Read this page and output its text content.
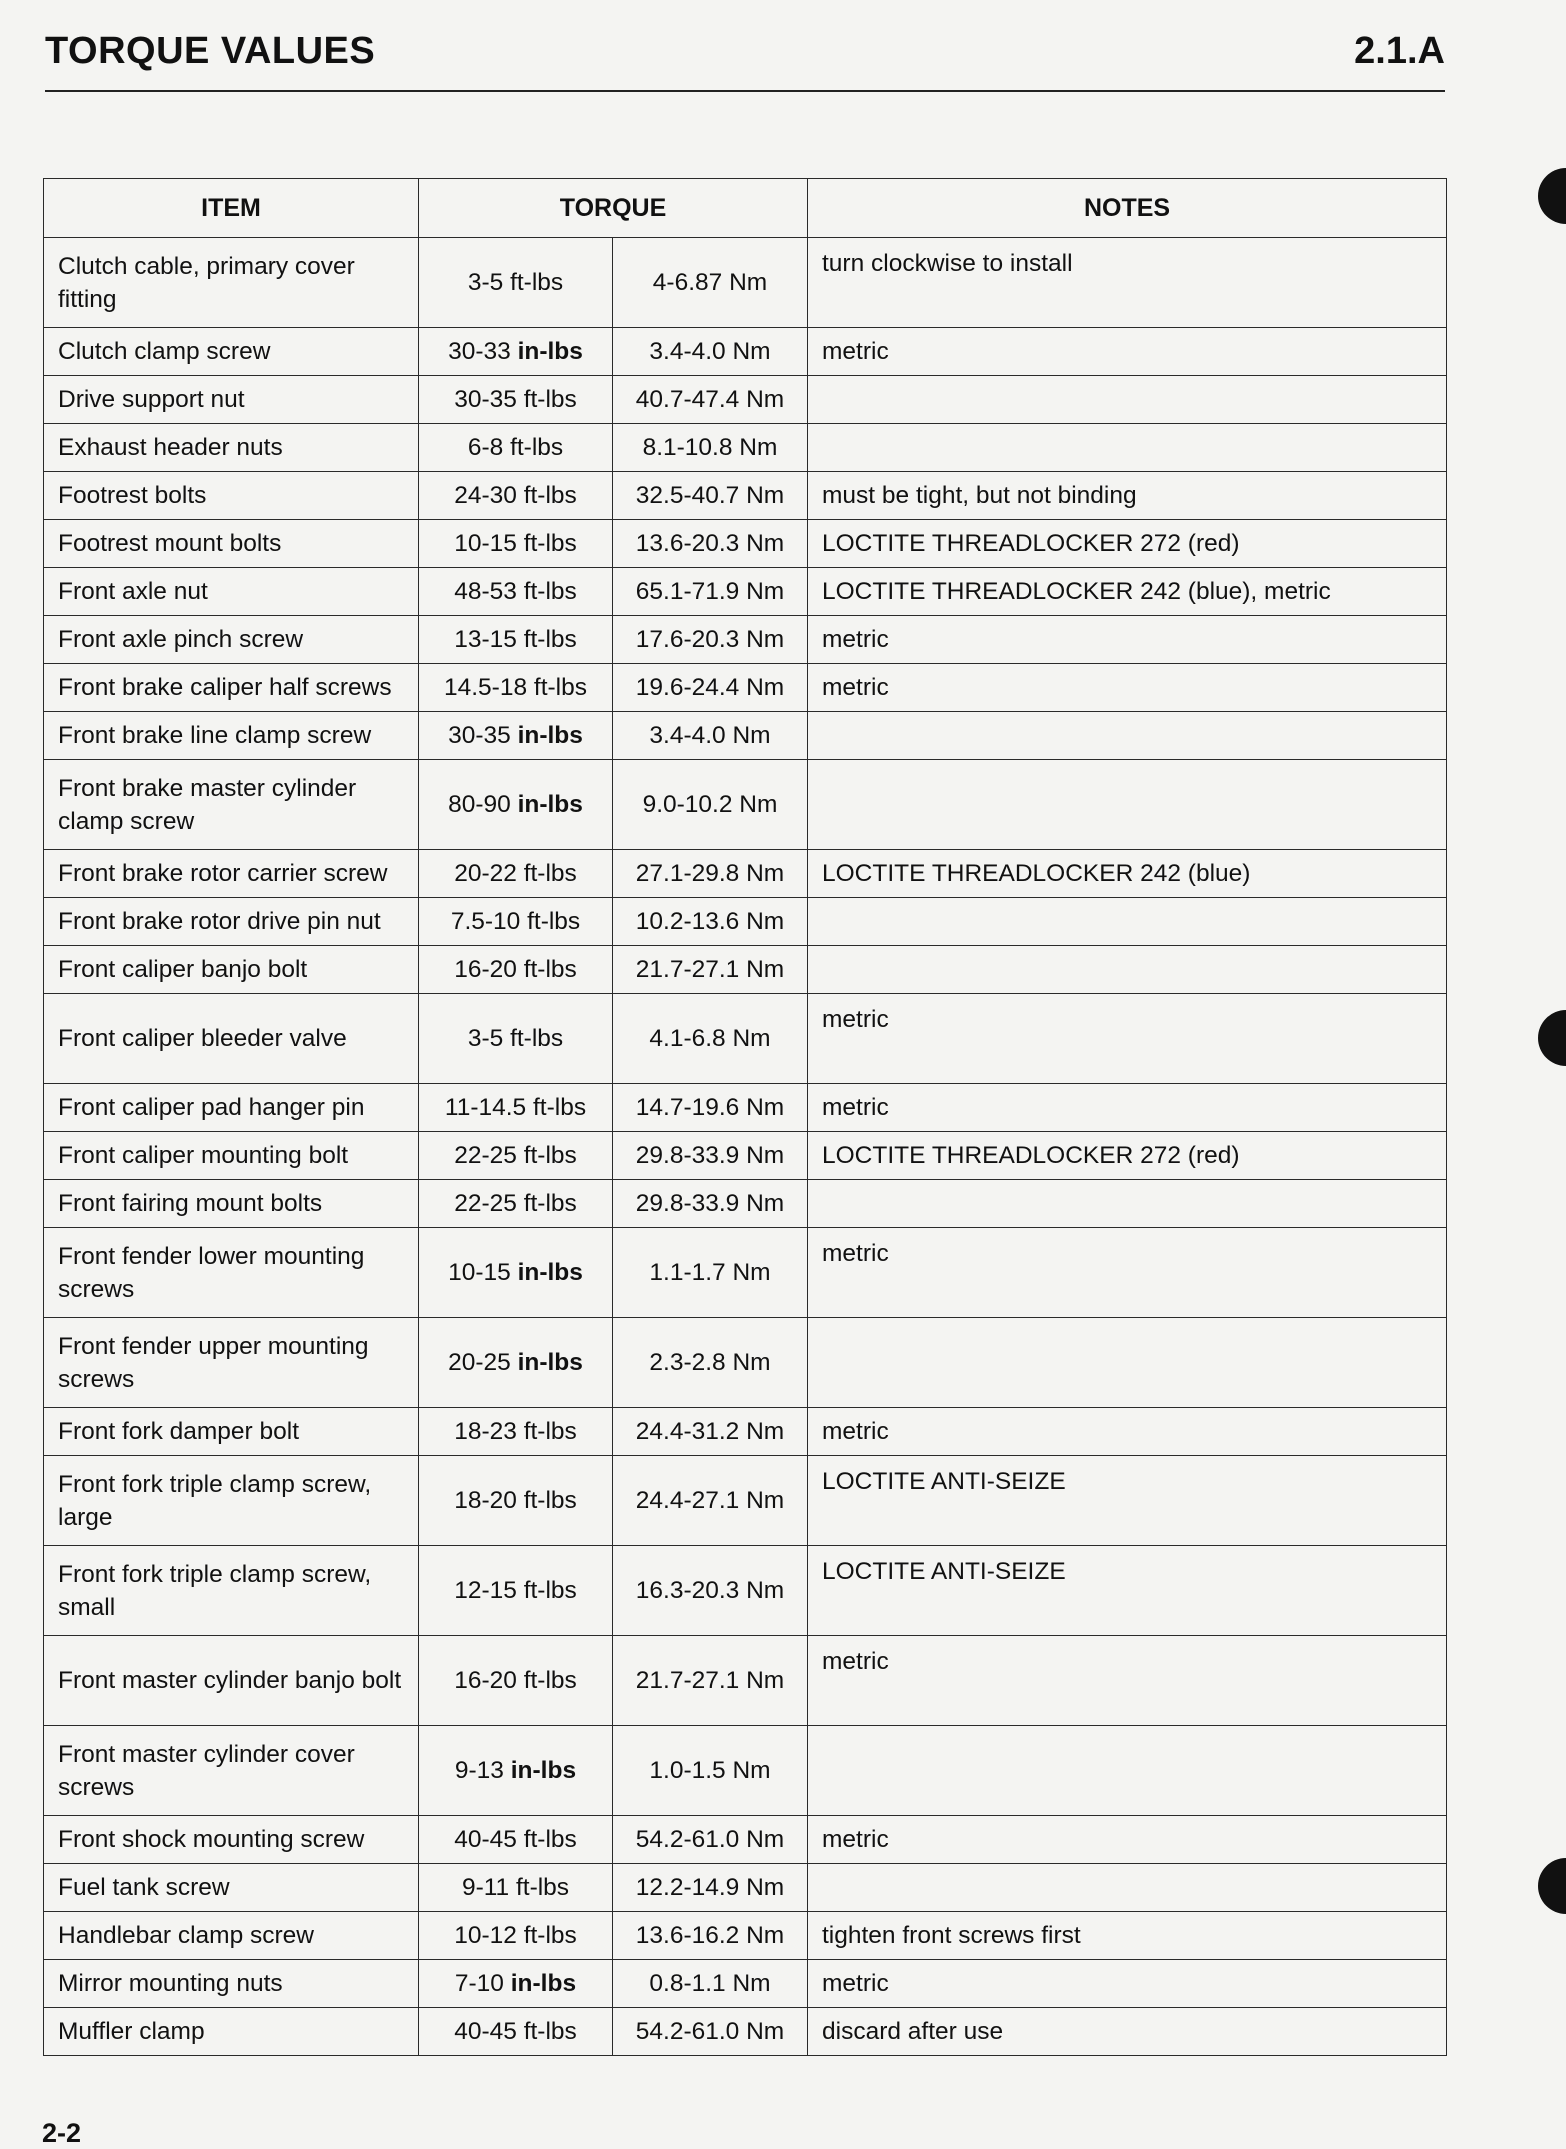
TORQUE VALUES	2.1.A
ITEM	TORQUE		NOTES
Clutch cable, primary cover fitting	3-5 ft-lbs	4-6.87 Nm	turn clockwise to install
Clutch clamp screw	30-33 in-lbs	3.4-4.0 Nm	metric
Drive support nut	30-35 ft-lbs	40.7-47.4 Nm	
Exhaust header nuts	6-8 ft-lbs	8.1-10.8 Nm	
Footrest bolts	24-30 ft-lbs	32.5-40.7 Nm	must be tight, but not binding
Footrest mount bolts	10-15 ft-lbs	13.6-20.3 Nm	LOCTITE THREADLOCKER 272 (red)
Front axle nut	48-53 ft-lbs	65.1-71.9 Nm	LOCTITE THREADLOCKER 242 (blue), metric
Front axle pinch screw	13-15 ft-lbs	17.6-20.3 Nm	metric
Front brake caliper half screws	14.5-18 ft-lbs	19.6-24.4 Nm	metric
Front brake line clamp screw	30-35 in-lbs	3.4-4.0 Nm	
Front brake master cylinder clamp screw	80-90 in-lbs	9.0-10.2 Nm	
Front brake rotor carrier screw	20-22 ft-lbs	27.1-29.8 Nm	LOCTITE THREADLOCKER 242 (blue)
Front brake rotor drive pin nut	7.5-10 ft-lbs	10.2-13.6 Nm	
Front caliper banjo bolt	16-20 ft-lbs	21.7-27.1 Nm	
Front caliper bleeder valve	3-5 ft-lbs	4.1-6.8 Nm	metric
Front caliper pad hanger pin	11-14.5 ft-lbs	14.7-19.6 Nm	metric
Front caliper mounting bolt	22-25 ft-lbs	29.8-33.9 Nm	LOCTITE THREADLOCKER 272 (red)
Front fairing mount bolts	22-25 ft-lbs	29.8-33.9 Nm	
Front fender lower mounting screws	10-15 in-lbs	1.1-1.7 Nm	metric
Front fender upper mounting screws	20-25 in-lbs	2.3-2.8 Nm	
Front fork damper bolt	18-23 ft-lbs	24.4-31.2 Nm	metric
Front fork triple clamp screw, large	18-20 ft-lbs	24.4-27.1 Nm	LOCTITE ANTI-SEIZE
Front fork triple clamp screw, small	12-15 ft-lbs	16.3-20.3 Nm	LOCTITE ANTI-SEIZE
Front master cylinder banjo bolt	16-20 ft-lbs	21.7-27.1 Nm	metric
Front master cylinder cover screws	9-13 in-lbs	1.0-1.5 Nm	
Front shock mounting screw	40-45 ft-lbs	54.2-61.0 Nm	metric
Fuel tank screw	9-11 ft-lbs	12.2-14.9 Nm	
Handlebar clamp screw	10-12 ft-lbs	13.6-16.2 Nm	tighten front screws first
Mirror mounting nuts	7-10 in-lbs	0.8-1.1 Nm	metric
Muffler clamp	40-45 ft-lbs	54.2-61.0 Nm	discard after use
2-2
